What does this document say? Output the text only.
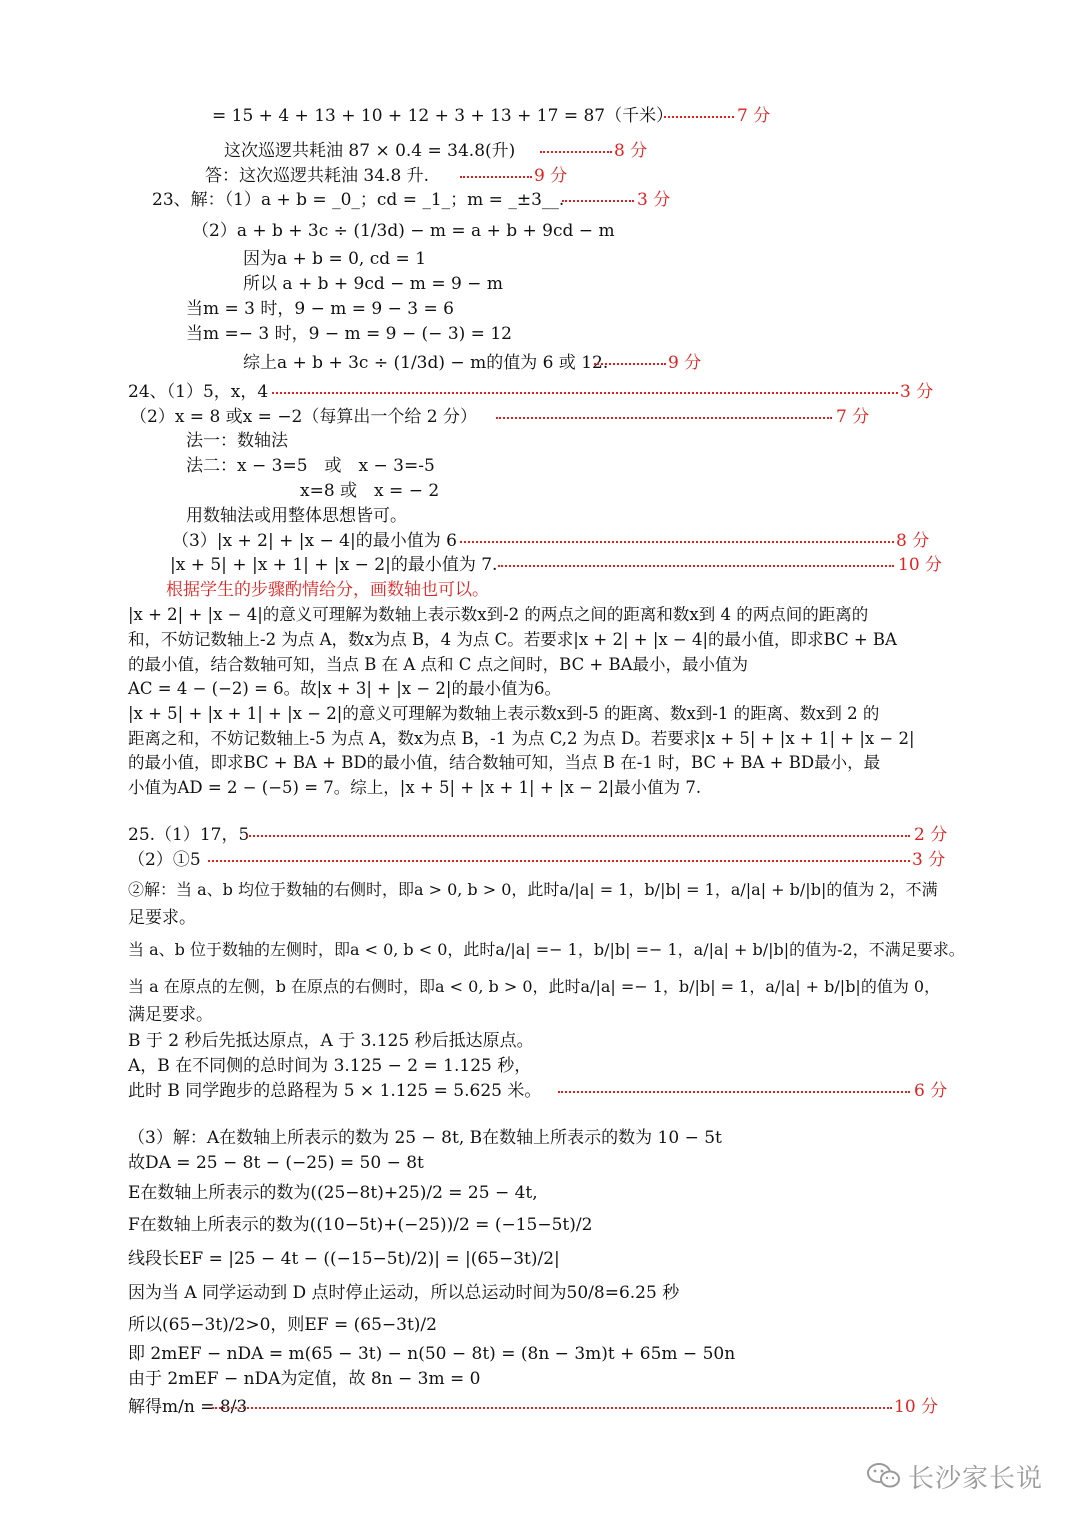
= 15 + 4 + 13 + 10 + 12 + 3 + 13 + 17 = 87（千米）
这次巡逻共耗油 87 × 0.4 = 34.8(升)
答：这次巡逻共耗油 34.8 升.
23、解：（1）a + b = _0_；cd = _1_；m = _±3__.
（2）a + b + 3c ÷ (1/3d) − m = a + b + 9cd − m
因为a + b = 0, cd = 1
所以 a + b + 9cd − m = 9 − m
当m = 3 时，9 − m = 9 − 3 = 6
当m =− 3 时，9 − m = 9 − (− 3) = 12
综上a + b + 3c ÷ (1/3d) − m的值为 6 或 12.
24、（1）5，x，4
（2）x = 8 或x = −2（每算出一个给 2 分）
法一：数轴法
法二：x − 3=5　或　x − 3=-5
x=8 或　x = − 2
用数轴法或用整体思想皆可。
（3）|x + 2| + |x − 4|的最小值为 6
|x + 5| + |x + 1| + |x − 2|的最小值为 7.
根据学生的步骤酌情给分，画数轴也可以。
|x + 2| + |x − 4|的意义可理解为数轴上表示数x到-2 的两点之间的距离和数x到 4 的两点间的距离的
和，不妨记数轴上-2 为点 A，数x为点 B，4 为点 C。若要求|x + 2| + |x − 4|的最小值，即求BC + BA
的最小值，结合数轴可知，当点 B 在 A 点和 C 点之间时，BC + BA最小，最小值为
AC = 4 − (−2) = 6。故|x + 3| + |x − 2|的最小值为6。
|x + 5| + |x + 1| + |x − 2|的意义可理解为数轴上表示数x到-5 的距离、数x到-1 的距离、数x到 2 的
距离之和，不妨记数轴上-5 为点 A，数x为点 B，-1 为点 C,2 为点 D。若要求|x + 5| + |x + 1| + |x − 2|
的最小值，即求BC + BA + BD的最小值，结合数轴可知，当点 B 在-1 时，BC + BA + BD最小，最
小值为AD = 2 − (−5) = 7。综上，|x + 5| + |x + 1| + |x − 2|最小值为 7.
25.（1）17，5
（2）①5
②解：当 a、b 均位于数轴的右侧时，即a > 0, b > 0，此时a/|a| = 1，b/|b| = 1，a/|a| + b/|b|的值为 2，不满
足要求。
当 a、b 位于数轴的左侧时，即a < 0, b < 0，此时a/|a| =− 1，b/|b| =− 1，a/|a| + b/|b|的值为-2，不满足要求。
当 a 在原点的左侧，b 在原点的右侧时，即a < 0, b > 0，此时a/|a| =− 1，b/|b| = 1，a/|a| + b/|b|的值为 0，
满足要求。
B 于 2 秒后先抵达原点，A 于 3.125 秒后抵达原点。
A，B 在不同侧的总时间为 3.125 − 2 = 1.125 秒，
此时 B 同学跑步的总路程为 5 × 1.125 = 5.625 米。
（3）解：A在数轴上所表示的数为 25 − 8t, B在数轴上所表示的数为 10 − 5t
故DA = 25 − 8t − (−25) = 50 − 8t
E在数轴上所表示的数为((25−8t)+25)/2 = 25 − 4t,
F在数轴上所表示的数为((10−5t)+(−25))/2 = (−15−5t)/2
线段长EF = |25 − 4t − ((−15−5t)/2)| = |(65−3t)/2|
因为当 A 同学运动到 D 点时停止运动，所以总运动时间为50/8=6.25 秒
所以(65−3t)/2>0，则EF = (65−3t)/2
即 2mEF − nDA = m(65 − 3t) − n(50 − 8t) = (8n − 3m)t + 65m − 50n
由于 2mEF − nDA为定值，故 8n − 3m = 0
解得m/n = 8/3
7 分
8 分
9 分
3 分
9 分
3 分
7 分
8 分
10 分
2 分
3 分
6 分
10 分
长沙家长说
